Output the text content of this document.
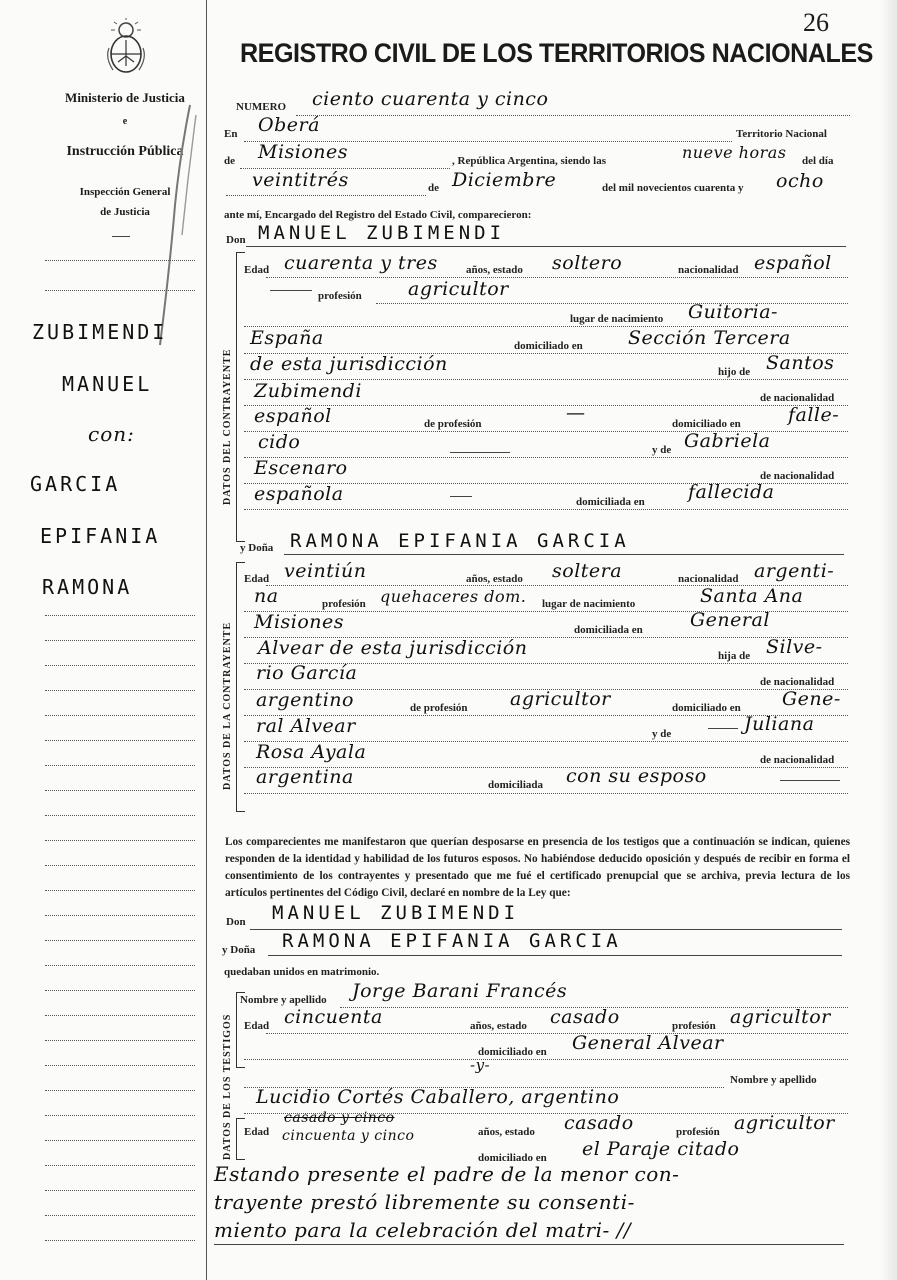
26
Ministerio de Justicia
e
Instrucción Pública
Inspección General
de Justicia
ZUBIMENDI
MANUEL
con:
GARCIA
EPIFANIA
RAMONA
REGISTRO CIVIL DE LOS TERRITORIOS NACIONALES
NUMERO ciento cuarenta y cinco
En Oberá	Territorio Nacional
de Misiones	, República Argentina, siendo las	nueve horas del día
veintitrés	de Diciembre	del mil novecientos cuarenta y ocho
ante mí, Encargado del Registro del Estado Civil, comparecieron:
Don MANUEL ZUBIMENDI
DATOS DEL CONTRAYENTE
Edad cuarenta y tres	años, estado soltero	nacionalidad español
profesión agricultor
lugar de nacimiento Guitoria-
España	domiciliado en Sección Tercera
de esta jurisdicción	hijo de Santos
Zubimendi	de nacionalidad
español	de profesión	—	domiciliado en falle-
cido	y de Gabriela
Escenaro	de nacionalidad
española	domiciliada en fallecida
y Doña RAMONA EPIFANIA GARCIA
DATOS DE LA CONTRAYENTE
Edad veintiún	años, estado soltera	nacionalidad argenti-
na	profesión quehaceres dom. lugar de nacimiento	Santa Ana
Misiones	domiciliada en General
Alvear de esta jurisdicción	hija de Silve-
rio García	de nacionalidad
argentino	de profesión agricultor	domiciliado en Gene-
ral Alvear	y de	Juliana
Rosa Ayala	de nacionalidad
argentina	domiciliada con su esposo
Los comparecientes me manifestaron que querían desposarse en presencia de los testigos que a continuación se indican, quienes responden de la identidad y habilidad de los futuros esposos. No habiéndose deducido oposición y después de recibir en forma el consentimiento de los contrayentes y presentado que me fué el certificado prenupcial que se archiva, previa lectura de los artículos pertinentes del Código Civil, declaré en nombre de la Ley que:
Don MANUEL ZUBIMENDI
y Doña RAMONA EPIFANIA GARCIA
quedaban unidos en matrimonio.
DATOS DE LOS TESTIGOS
Nombre y apellido Jorge Barani Francés
Edad cincuenta	años, estado casado	profesión agricultor
domiciliado en General Alvear
-y-
Nombre y apellido
Lucidio Cortés Caballero, argentino
Edad
casado y cinco
cincuenta y cinco	años, estado casado	profesión agricultor
domiciliado en el Paraje citado
Estando presente el padre de la menor con-
trayente prestó libremente su consenti-
miento para la celebración del matri- //
